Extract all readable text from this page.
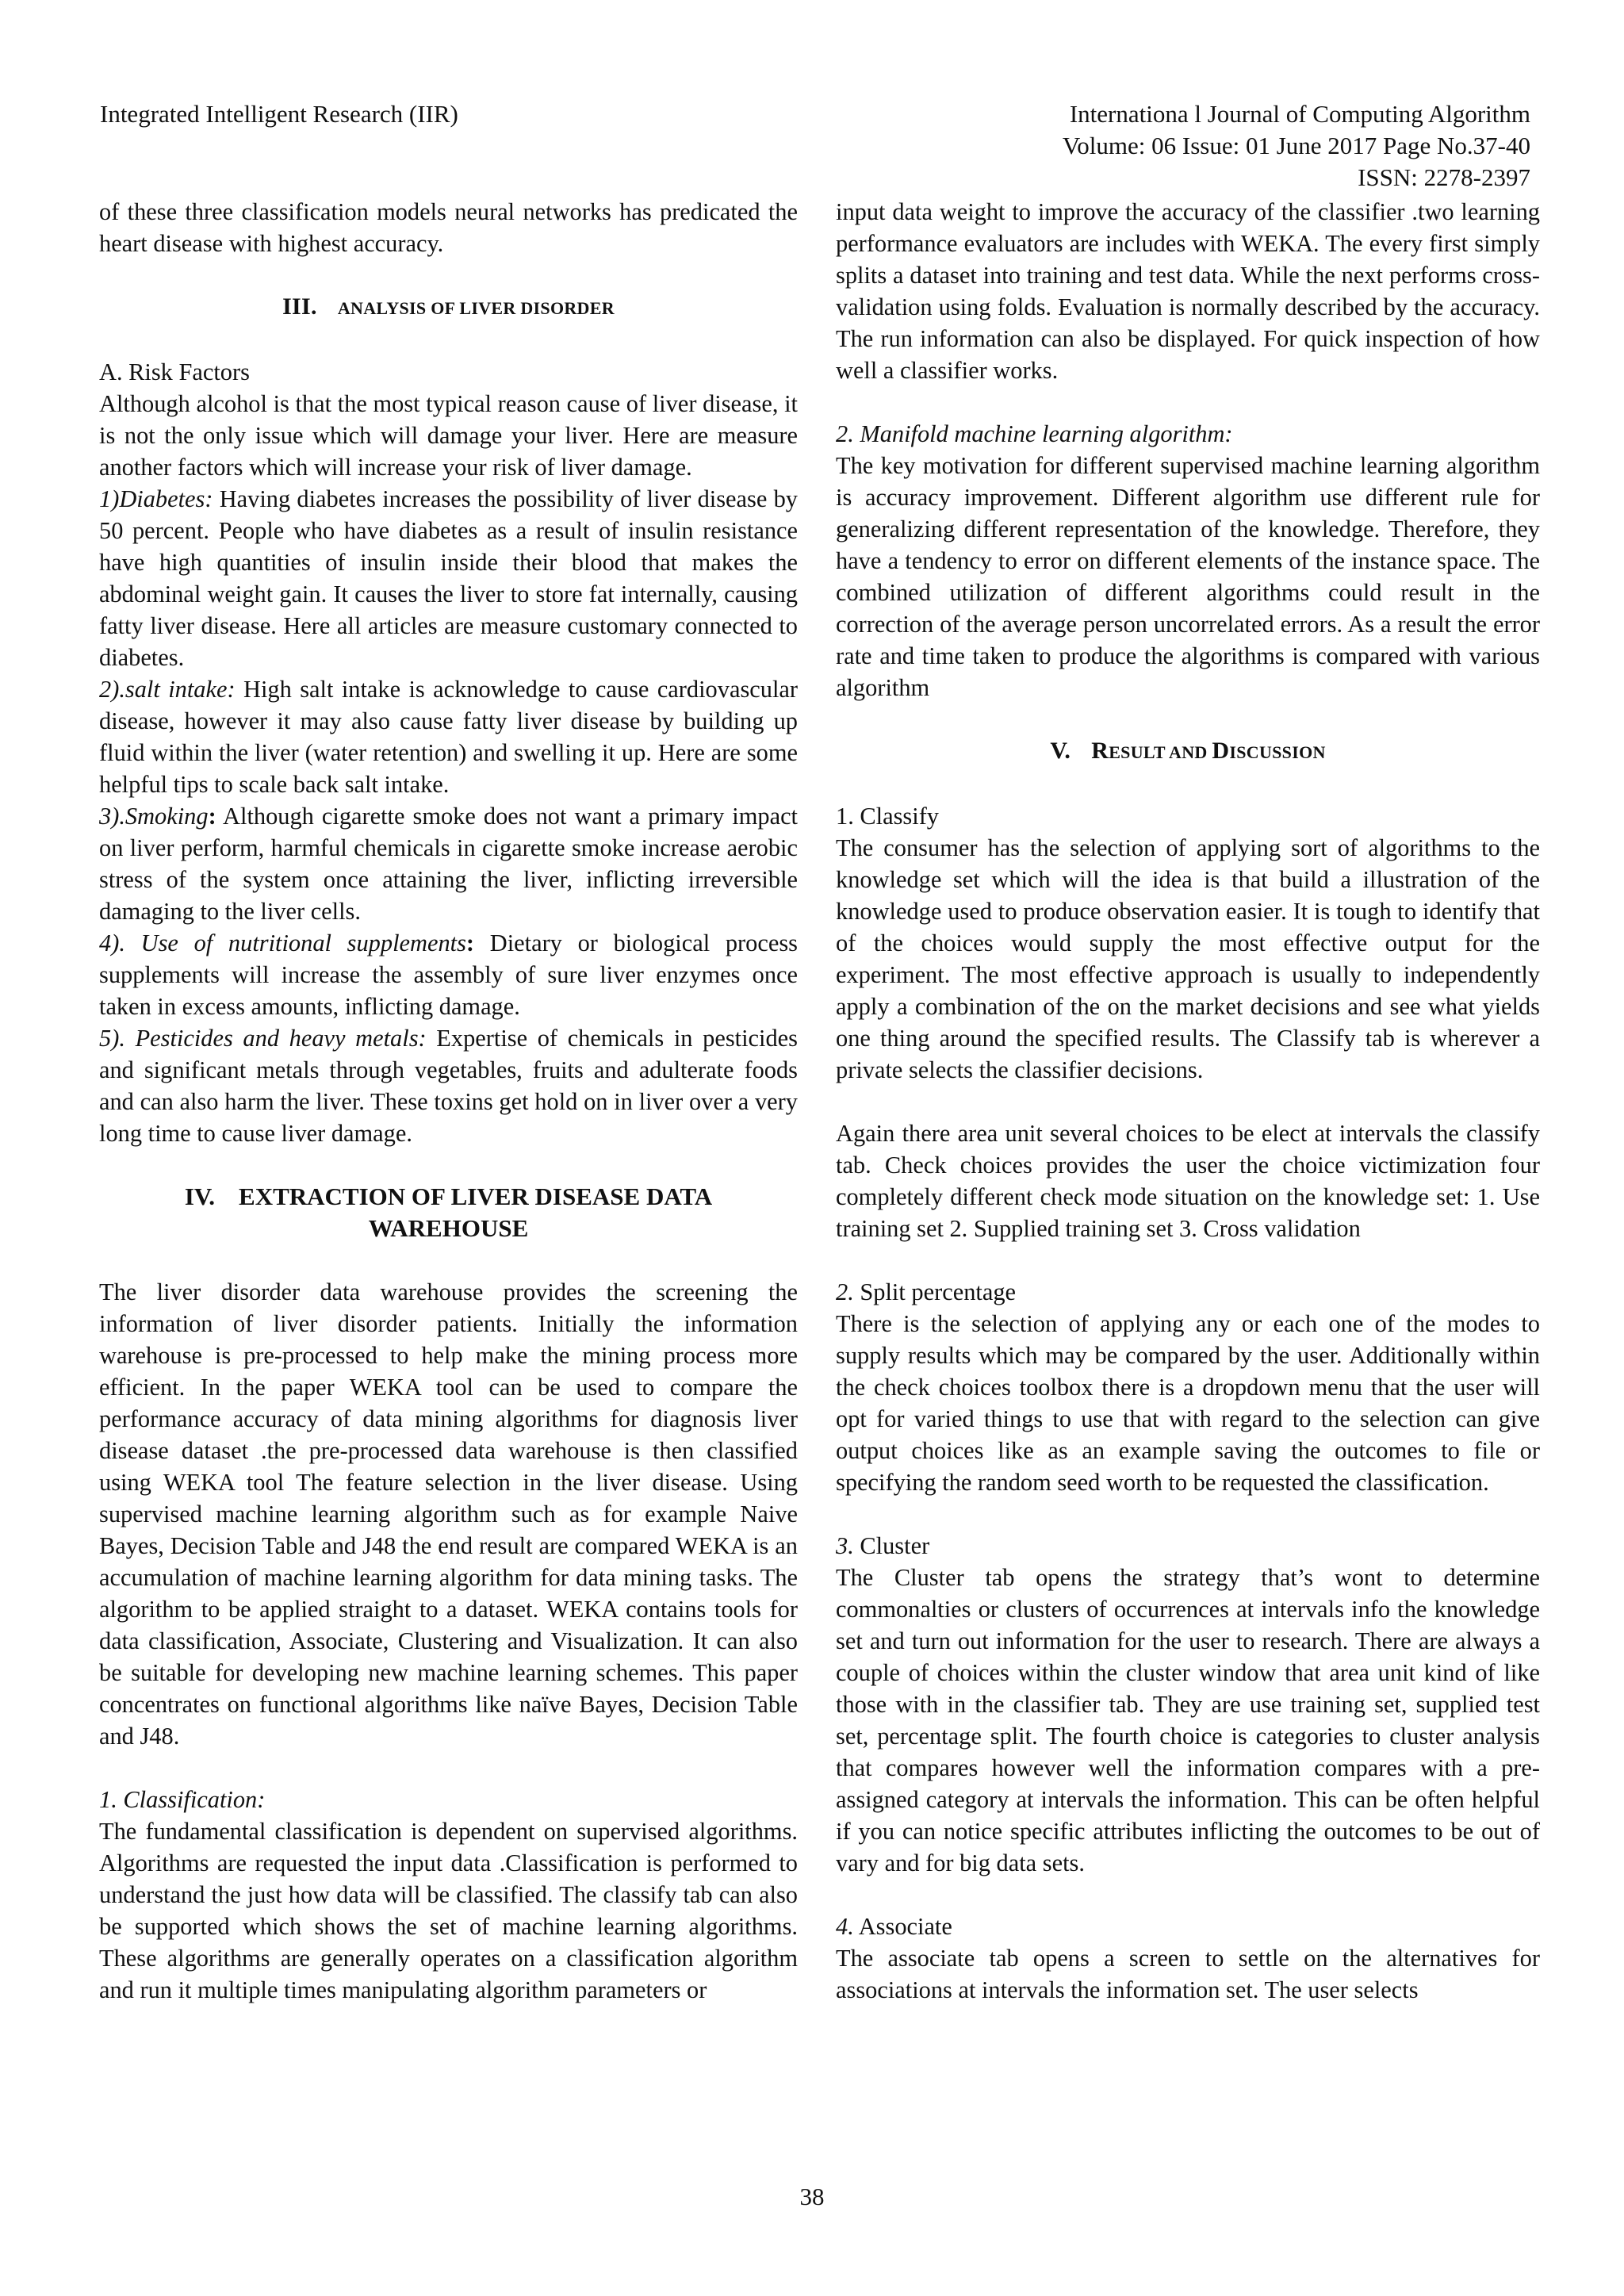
Integrated Intelligent Research (IIR)	Internationa l Journal of Computing Algorithm
Volume: 06 Issue: 01 June 2017 Page No.37-40
ISSN: 2278-2397

of these three classification models neural networks has predicated the heart disease with highest accuracy.

III. ANALYSIS OF LIVER DISORDER

A. Risk Factors

Although alcohol is that the most typical reason cause of liver disease, it is not the only issue which will damage your liver. Here are measure another factors which will increase your risk of liver damage.

1)Diabetes: Having diabetes increases the possibility of liver disease by 50 percent. People who have diabetes as a result of insulin resistance have high quantities of insulin inside their blood that makes the abdominal weight gain. It causes the liver to store fat internally, causing fatty liver disease. Here all articles are measure customary connected to diabetes.

2).salt intake: High salt intake is acknowledge to cause cardiovascular disease, however it may also cause fatty liver disease by building up fluid within the liver (water retention) and swelling it up. Here are some helpful tips to scale back salt intake.

3).Smoking: Although cigarette smoke does not want a primary impact on liver perform, harmful chemicals in cigarette smoke increase aerobic stress of the system once attaining the liver, inflicting irreversible damaging to the liver cells.

4). Use of nutritional supplements: Dietary or biological process supplements will increase the assembly of sure liver enzymes once taken in excess amounts, inflicting damage.

5). Pesticides and heavy metals: Expertise of chemicals in pesticides and significant metals through vegetables, fruits and adulterate foods and can also harm the liver. These toxins get hold on in liver over a very long time to cause liver damage.

IV. EXTRACTION OF LIVER DISEASE DATA
WAREHOUSE

The liver disorder data warehouse provides the screening the information of liver disorder patients. Initially the information warehouse is pre-processed to help make the mining process more efficient. In the paper WEKA tool can be used to compare the performance accuracy of data mining algorithms for diagnosis liver disease dataset .the pre-processed data warehouse is then classified using WEKA tool The feature selection in the liver disease. Using supervised machine learning algorithm such as for example Naive Bayes, Decision Table and J48 the end result are compared WEKA is an accumulation of machine learning algorithm for data mining tasks. The algorithm to be applied straight to a dataset. WEKA contains tools for data classification, Associate, Clustering and Visualization. It can also be suitable for developing new machine learning schemes. This paper concentrates on functional algorithms like naïve Bayes, Decision Table and J48.

1. Classification:

The fundamental classification is dependent on supervised algorithms. Algorithms are requested the input data .Classification is performed to understand the just how data will be classified. The classify tab can also be supported which shows the set of machine learning algorithms. These algorithms are generally operates on a classification algorithm and run it multiple times manipulating algorithm parameters or

input data weight to improve the accuracy of the classifier .two learning performance evaluators are includes with WEKA. The every first simply splits a dataset into training and test data. While the next performs cross-validation using folds. Evaluation is normally described by the accuracy. The run information can also be displayed. For quick inspection of how well a classifier works.

2. Manifold machine learning algorithm:

The key motivation for different supervised machine learning algorithm is accuracy improvement. Different algorithm use different rule for generalizing different representation of the knowledge. Therefore, they have a tendency to error on different elements of the instance space. The combined utilization of different algorithms could result in the correction of the average person uncorrelated errors. As a result the error rate and time taken to produce the algorithms is compared with various algorithm

V. RESULT AND DISCUSSION

1. Classify

The consumer has the selection of applying sort of algorithms to the knowledge set which will the idea is that build a illustration of the knowledge used to produce observation easier. It is tough to identify that of the choices would supply the most effective output for the experiment. The most effective approach is usually to independently apply a combination of the on the market decisions and see what yields one thing around the specified results. The Classify tab is wherever a private selects the classifier decisions.

Again there area unit several choices to be elect at intervals the classify tab. Check choices provides the user the choice victimization four completely different check mode situation on the knowledge set: 1. Use training set 2. Supplied training set 3. Cross validation

2. Split percentage

There is the selection of applying any or each one of the modes to supply results which may be compared by the user. Additionally within the check choices toolbox there is a dropdown menu that the user will opt for varied things to use that with regard to the selection can give output choices like as an example saving the outcomes to file or specifying the random seed worth to be requested the classification.

3. Cluster

The Cluster tab opens the strategy that’s wont to determine commonalties or clusters of occurrences at intervals info the knowledge set and turn out information for the user to research. There are always a couple of choices within the cluster window that area unit kind of like those with in the classifier tab. They are use training set, supplied test set, percentage split. The fourth choice is categories to cluster analysis that compares however well the information compares with a pre-assigned category at intervals the information. This can be often helpful if you can notice specific attributes inflicting the outcomes to be out of vary and for big data sets.

4. Associate

The associate tab opens a screen to settle on the alternatives for associations at intervals the information set. The user selects

38
